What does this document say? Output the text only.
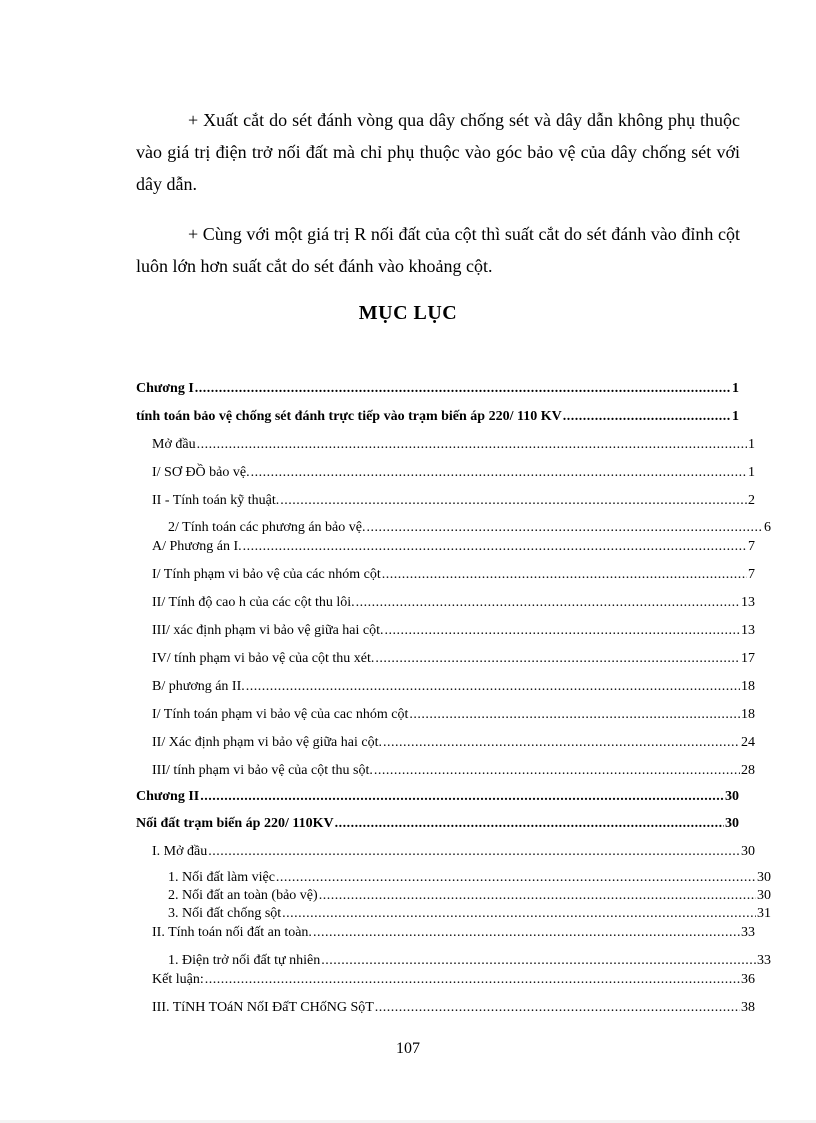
+ Xuất cắt do sét đánh vòng qua dây chống sét và dây dẫn không phụ thuộc vào giá trị điện trở nối đất mà chỉ phụ thuộc vào góc bảo vệ của dây chống sét với dây dẫn.

+ Cùng với một giá trị R nối đất của cột thì suất cắt do sét đánh vào đỉnh cột luôn lớn hơn suất cắt do sét đánh vào khoảng cột.

MỤC LỤC
Chương I .....	1
tính toán bảo vệ chống sét đánh trực tiếp vào trạm biến áp 220/ 110 KV .....	1
Mở đầu .....	1
I/ SƠ ĐỒ bảo vệ. .....	1
II - Tính toán kỹ thuật. .....	2
2/ Tính toán các phương án bảo vệ. .....	6
A/ Phương án I. .....	7
I/ Tính phạm vi bảo vệ của các nhóm cột .....	7
II/ Tính độ cao h của các cột thu lôi. .....	13
III/ xác định phạm vi bảo vệ giữa hai cột. .....	13
IV/ tính phạm vi bảo vệ của cột thu xét. .....	17
B/ phương án II. .....	18
I/ Tính toán phạm vi bảo vệ của cac nhóm cột .....	18
II/ Xác định phạm vi bảo vệ giữa hai cột. .....	24
III/ tính phạm vi bảo vệ của cột thu sột. .....	28
Chương II .....	30
Nối đất trạm biến áp 220/ 110KV .....	30
I. Mở đầu .....	30
1. Nối đất làm việc .....	30
2. Nối đất an toàn (bảo vệ) .....	30
3. Nối đất chống sột .....	31
II. Tính toán nối đất an toàn. .....	33
1. Điện trở nối đất tự nhiên .....	33
Kết luận: .....	36
III. TíNH TOáN NốI ĐấT CHốNG SộT .....	38
107
